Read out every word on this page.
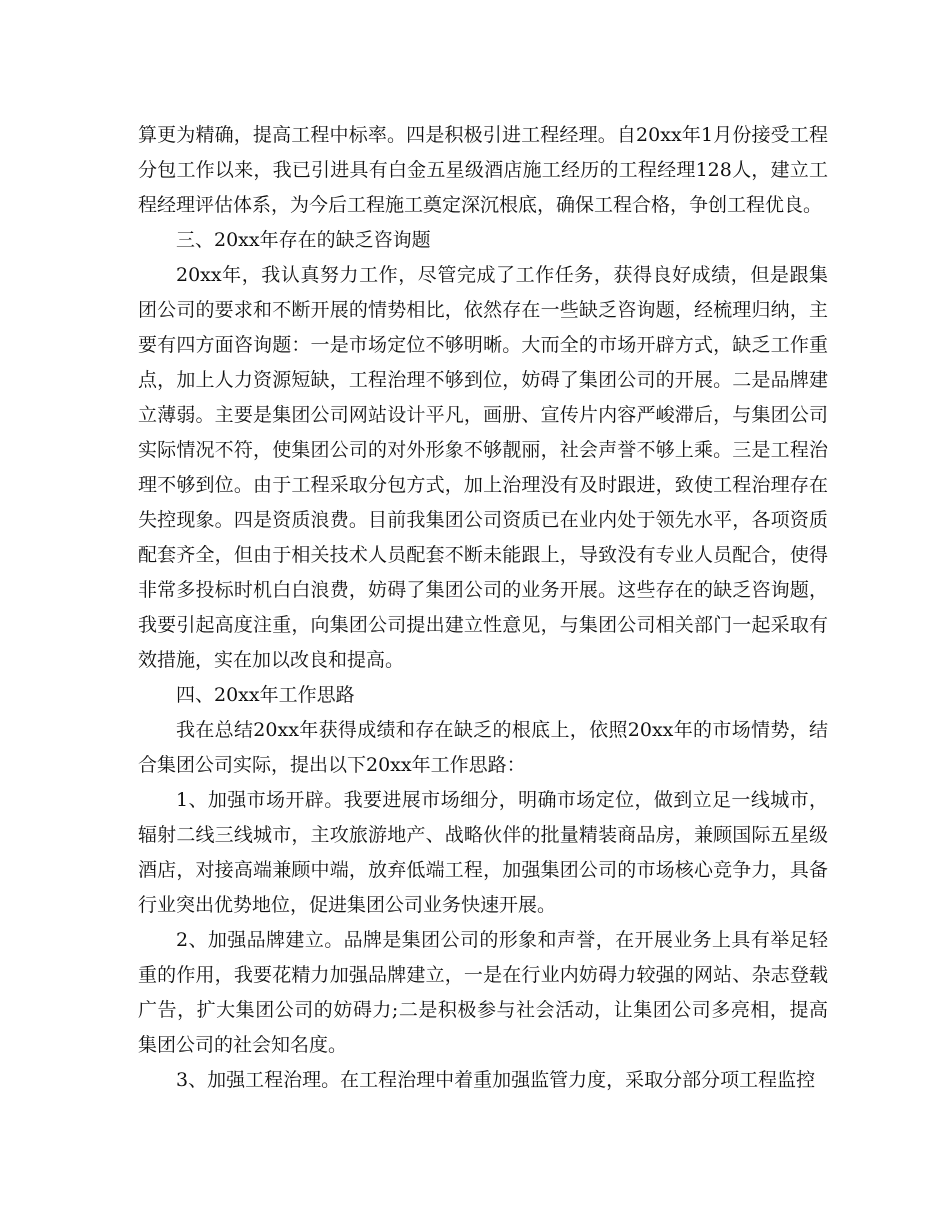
算更为精确，提高工程中标率。四是积极引进工程经理。自20xx年1月份接受工程分包工作以来，我已引进具有白金五星级酒店施工经历的工程经理128人，建立工程经理评估体系，为今后工程施工奠定深沉根底，确保工程合格，争创工程优良。

三、20xx年存在的缺乏咨询题

20xx年，我认真努力工作，尽管完成了工作任务，获得良好成绩，但是跟集团公司的要求和不断开展的情势相比，依然存在一些缺乏咨询题，经梳理归纳，主要有四方面咨询题：一是市场定位不够明晰。大而全的市场开辟方式，缺乏工作重点，加上人力资源短缺，工程治理不够到位，妨碍了集团公司的开展。二是品牌建立薄弱。主要是集团公司网站设计平凡，画册、宣传片内容严峻滞后，与集团公司实际情况不符，使集团公司的对外形象不够靓丽，社会声誉不够上乘。三是工程治理不够到位。由于工程采取分包方式，加上治理没有及时跟进，致使工程治理存在失控现象。四是资质浪费。目前我集团公司资质已在业内处于领先水平，各项资质配套齐全，但由于相关技术人员配套不断未能跟上，导致没有专业人员配合，使得非常多投标时机白白浪费，妨碍了集团公司的业务开展。这些存在的缺乏咨询题，我要引起高度注重，向集团公司提出建立性意见，与集团公司相关部门一起采取有效措施，实在加以改良和提高。

四、20xx年工作思路

我在总结20xx年获得成绩和存在缺乏的根底上，依照20xx年的市场情势，结合集团公司实际，提出以下20xx年工作思路：

1、加强市场开辟。我要进展市场细分，明确市场定位，做到立足一线城市，辐射二线三线城市，主攻旅游地产、战略伙伴的批量精装商品房，兼顾国际五星级酒店，对接高端兼顾中端，放弃低端工程，加强集团公司的市场核心竞争力，具备行业突出优势地位，促进集团公司业务快速开展。

2、加强品牌建立。品牌是集团公司的形象和声誉，在开展业务上具有举足轻重的作用，我要花精力加强品牌建立，一是在行业内妨碍力较强的网站、杂志登载广告，扩大集团公司的妨碍力;二是积极参与社会活动，让集团公司多亮相，提高集团公司的社会知名度。

3、加强工程治理。在工程治理中着重加强监管力度，采取分部分项工程监控
